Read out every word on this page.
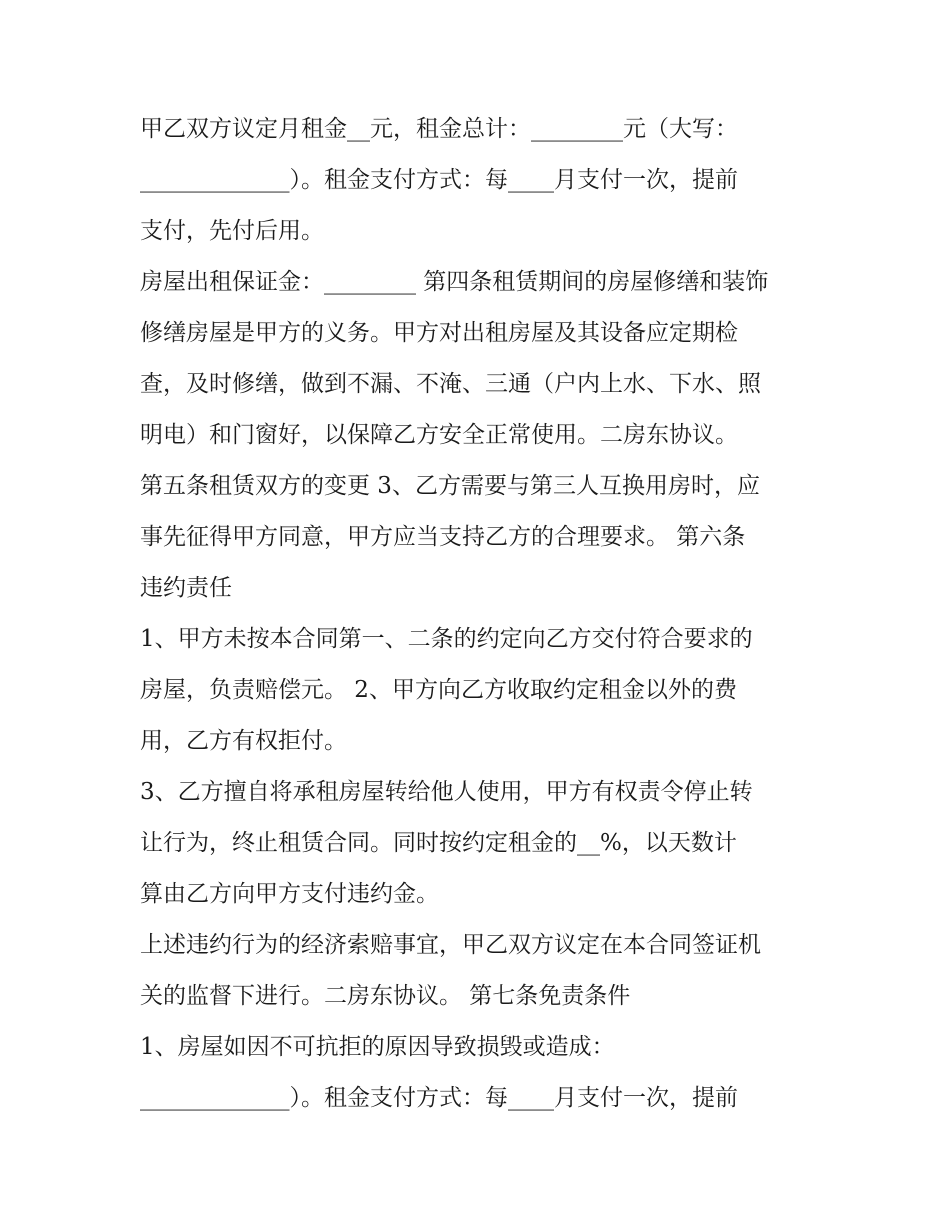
甲乙双方议定月租金__元，租金总计：________元（大写：
_____________）。租金支付方式：每____月支付一次，提前
支付，先付后用。
房屋出租保证金：________ 第四条租赁期间的房屋修缮和装饰
修缮房屋是甲方的义务。甲方对出租房屋及其设备应定期检
查，及时修缮，做到不漏、不淹、三通（户内上水、下水、照
明电）和门窗好，以保障乙方安全正常使用。二房东协议。
第五条租赁双方的变更 3、乙方需要与第三人互换用房时，应
事先征得甲方同意，甲方应当支持乙方的合理要求。 第六条
违约责任
1、甲方未按本合同第一、二条的约定向乙方交付符合要求的
房屋，负责赔偿元。 2、甲方向乙方收取约定租金以外的费
用，乙方有权拒付。
3、乙方擅自将承租房屋转给他人使用，甲方有权责令停止转
让行为，终止租赁合同。同时按约定租金的__%，以天数计
算由乙方向甲方支付违约金。
上述违约行为的经济索赔事宜，甲乙双方议定在本合同签证机
关的监督下进行。二房东协议。 第七条免责条件
1、房屋如因不可抗拒的原因导致损毁或造成：
_____________）。租金支付方式：每____月支付一次，提前
